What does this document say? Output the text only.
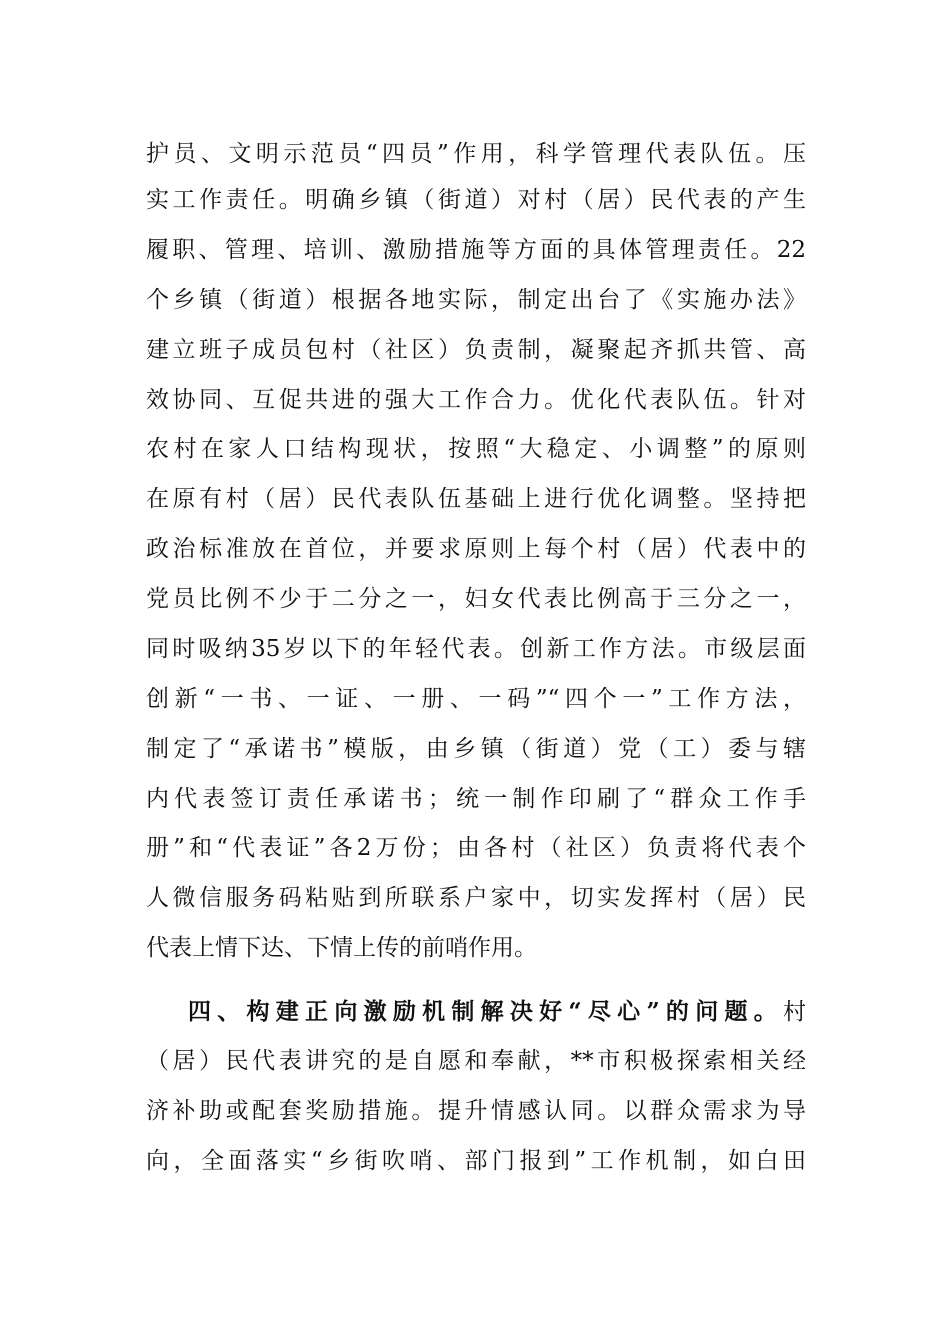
护员、文明示范员“四员”作用，科学管理代表队伍。压
实工作责任。明确乡镇（街道）对村（居）民代表的产生
履职、管理、培训、激励措施等方面的具体管理责任。22
个乡镇（街道）根据各地实际，制定出台了《实施办法》
建立班子成员包村（社区）负责制，凝聚起齐抓共管、高
效协同、互促共进的强大工作合力。优化代表队伍。针对
农村在家人口结构现状，按照“大稳定、小调整”的原则
在原有村（居）民代表队伍基础上进行优化调整。坚持把
政治标准放在首位，并要求原则上每个村（居）代表中的
党员比例不少于二分之一，妇女代表比例高于三分之一，
同时吸纳35岁以下的年轻代表。创新工作方法。市级层面
创新“一书、一证、一册、一码”“四个一”工作方法，
制定了“承诺书”模版，由乡镇（街道）党（工）委与辖
内代表签订责任承诺书；统一制作印刷了“群众工作手
册”和“代表证”各2万份；由各村（社区）负责将代表个
人微信服务码粘贴到所联系户家中，切实发挥村（居）民
代表上情下达、下情上传的前哨作用。
四、构建正向激励机制解决好“尽心”的问题。村
（居）民代表讲究的是自愿和奉献，**市积极探索相关经
济补助或配套奖励措施。提升情感认同。以群众需求为导
向，全面落实“乡街吹哨、部门报到”工作机制，如白田
